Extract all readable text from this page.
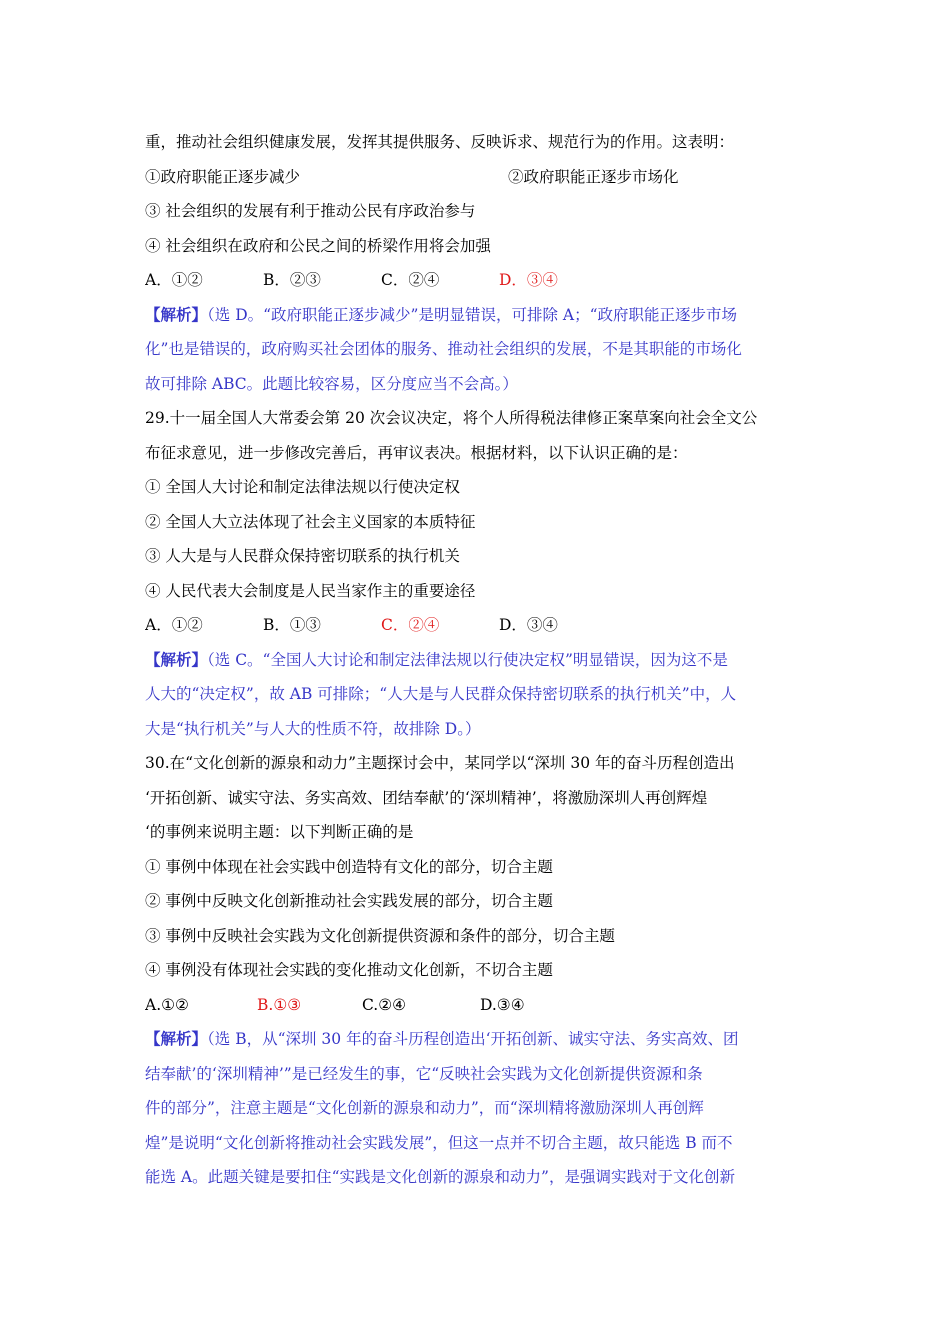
重，推动社会组织健康发展，发挥其提供服务、反映诉求、规范行为的作用。这表明：
①政府职能正逐步减少	②政府职能正逐步市场化
③ 社会组织的发展有利于推动公民有序政治参与
④ 社会组织在政府和公民之间的桥梁作用将会加强
A．①②	B．②③	C．②④	D．③④
【解析】（选 D。“政府职能正逐步减少”是明显错误，可排除 A；“政府职能正逐步市场
化”也是错误的，政府购买社会团体的服务、推动社会组织的发展，不是其职能的市场化
故可排除 ABC。此题比较容易，区分度应当不会高。）
29.十一届全国人大常委会第 20 次会议决定，将个人所得税法律修正案草案向社会全文公
布征求意见，进一步修改完善后，再审议表决。根据材料，以下认识正确的是：
① 全国人大讨论和制定法律法规以行使决定权
② 全国人大立法体现了社会主义国家的本质特征
③ 人大是与人民群众保持密切联系的执行机关
④ 人民代表大会制度是人民当家作主的重要途径
A．①②	B．①③	C．②④	D．③④
【解析】（选 C。“全国人大讨论和制定法律法规以行使决定权”明显错误，因为这不是
人大的“决定权”，故 AB 可排除；“人大是与人民群众保持密切联系的执行机关”中，人
大是“执行机关”与人大的性质不符，故排除 D。）
30.在“文化创新的源泉和动力”主题探讨会中，某同学以“深圳 30 年的奋斗历程创造出
‘开拓创新、诚实守法、务实高效、团结奉献’的‘深圳精神’，将激励深圳人再创辉煌
‘的事例来说明主题：以下判断正确的是
① 事例中体现在社会实践中创造特有文化的部分，切合主题
② 事例中反映文化创新推动社会实践发展的部分，切合主题
③ 事例中反映社会实践为文化创新提供资源和条件的部分，切合主题
④ 事例没有体现社会实践的变化推动文化创新，不切合主题
A.①②	B.①③	C.②④	D.③④
【解析】（选 B，从“深圳 30 年的奋斗历程创造出‘开拓创新、诚实守法、务实高效、团
结奉献’的‘深圳精神’”是已经发生的事，它“反映社会实践为文化创新提供资源和条
件的部分”，注意主题是“文化创新的源泉和动力”，而“深圳精将激励深圳人再创辉
煌”是说明“文化创新将推动社会实践发展”，但这一点并不切合主题，故只能选 B 而不
能选 A。此题关键是要扣住“实践是文化创新的源泉和动力”，是强调实践对于文化创新
